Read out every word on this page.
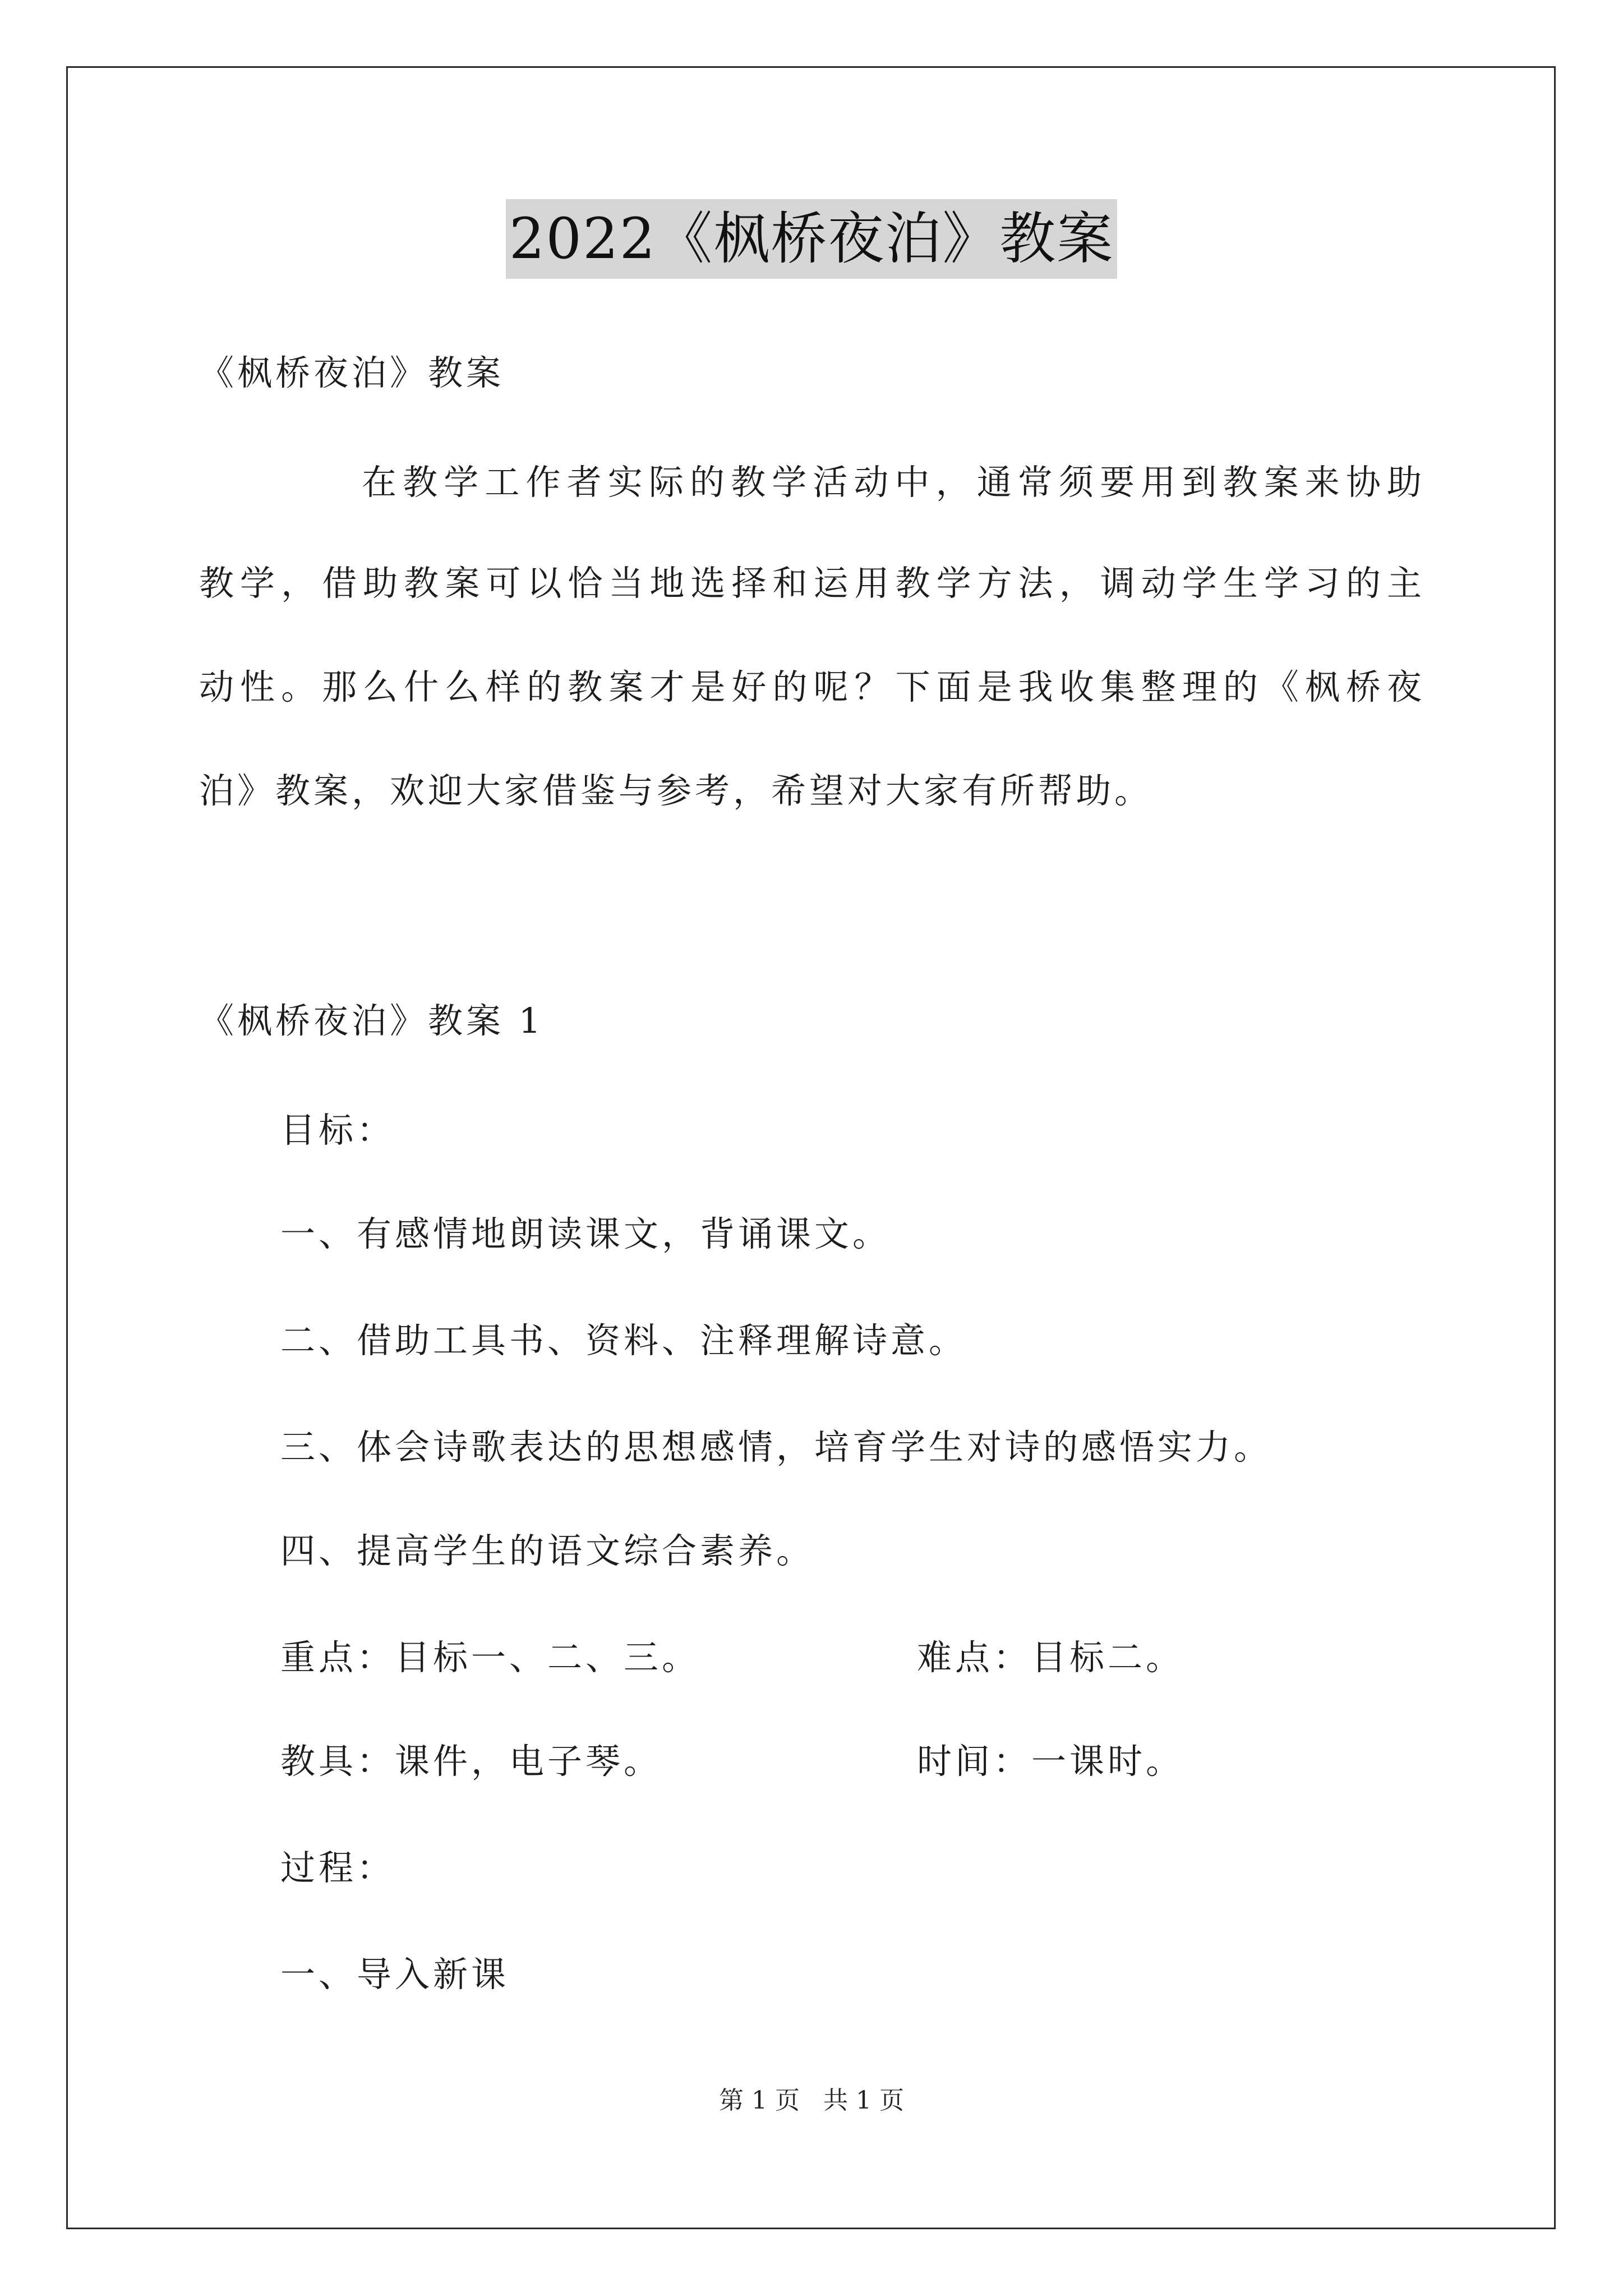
2022《枫桥夜泊》教案
《枫桥夜泊》教案
在教学工作者实际的教学活动中，通常须要用到教案来协助
教学，借助教案可以恰当地选择和运用教学方法，调动学生学习的主
动性。那么什么样的教案才是好的呢？下面是我收集整理的《枫桥夜
泊》教案，欢迎大家借鉴与参考，希望对大家有所帮助。
《枫桥夜泊》教案 1
目标：
一、有感情地朗读课文，背诵课文。
二、借助工具书、资料、注释理解诗意。
三、体会诗歌表达的思想感情，培育学生对诗的感悟实力。
四、提高学生的语文综合素养。
重点：目标一、二、三。	难点：目标二。
教具：课件，电子琴。	时间：一课时。
过程：
一、导入新课
第 1 页 共 1 页
